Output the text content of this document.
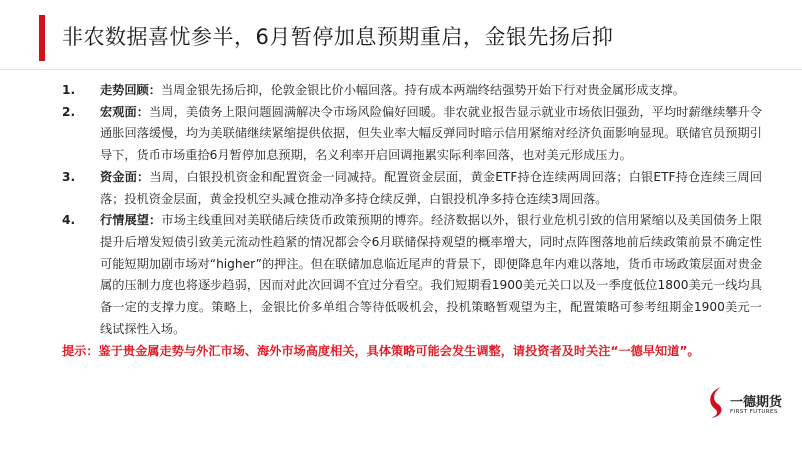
非农数据喜忧参半，6月暂停加息预期重启，金银先扬后抑
1.	走势回顾：当周金银先扬后抑，伦敦金银比价小幅回落。持有成本两端终结强势开始下行对贵金属形成支撑。
2.	宏观面：当周，美债务上限问题圆满解决令市场风险偏好回暖。非农就业报告显示就业市场依旧强劲，平均时薪继续攀升令通胀回落缓慢，均为美联储继续紧缩提供依据，但失业率大幅反弹同时暗示信用紧缩对经济负面影响显现。联储官员预期引导下，货币市场重拾6月暂停加息预期，名义利率开启回调拖累实际利率回落，也对美元形成压力。
3.	资金面：当周，白银投机资金和配置资金一同减持。配置资金层面，黄金ETF持仓连续两周回落；白银ETF持仓连续三周回落；投机资金层面，黄金投机空头减仓推动净多持仓续反弹，白银投机净多持仓连续3周回落。
4.	行情展望：市场主线重回对美联储后续货币政策预期的博弈。经济数据以外，银行业危机引致的信用紧缩以及美国债务上限提升后增发短债引致美元流动性趋紧的情况都会令6月联储保持观望的概率增大，同时点阵图落地前后续政策前景不确定性可能短期加剧市场对“higher”的押注。但在联储加息临近尾声的背景下，即便降息年内难以落地，货币市场政策层面对贵金属的压制力度也将逐步趋弱，因而对此次回调不宜过分看空。我们短期看1900美元关口以及一季度低位1800美元一线均具备一定的支撑力度。策略上，金银比价多单组合等待低吸机会，投机策略暂观望为主，配置策略可参考纽期金1900美元一线试探性入场。
提示：鉴于贵金属走势与外汇市场、海外市场高度相关，具体策略可能会发生调整，请投资者及时关注“一德早知道”。
一德期货
FIRST FUTURES
